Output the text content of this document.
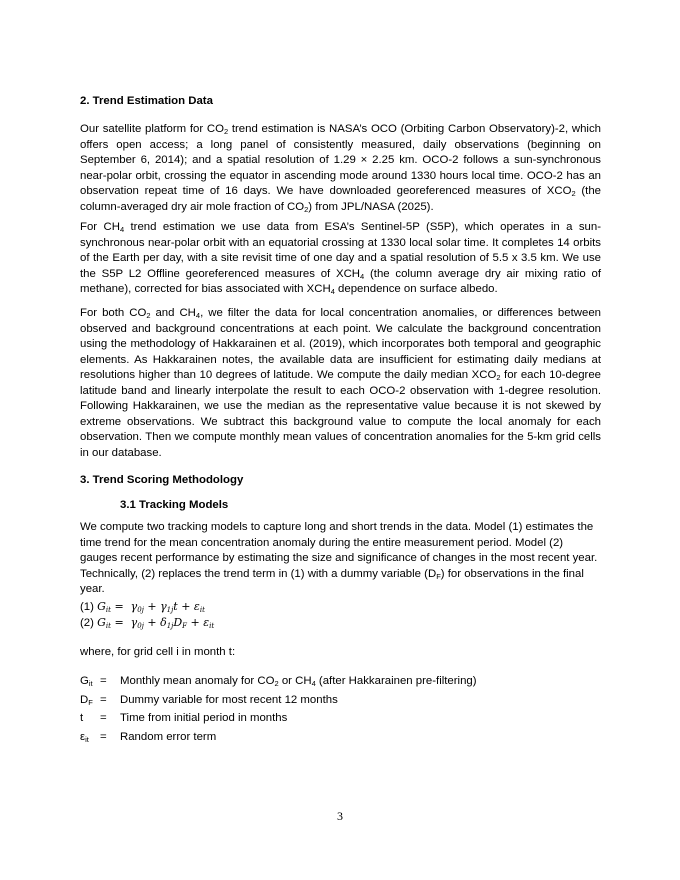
2. Trend Estimation Data

Our satellite platform for $CO_2$ trend estimation is NASA’s OCO (Orbiting Carbon Observatory)-2, which offers open access; a long panel of consistently measured, daily observations (beginning on September 6, 2014); and a spatial resolution of 1.29 × 2.25 km. OCO-2 follows a sun-synchronous near-polar orbit, crossing the equator in ascending mode around 1330 hours local time. OCO-2 has an observation repeat time of 16 days. We have downloaded georeferenced measures of $XCO_2$ (the column-averaged dry air mole fraction of $CO_2$) from JPL/NASA (2025).

For $CH_4$ trend estimation we use data from ESA’s Sentinel-5P (S5P), which operates in a sun-synchronous near-polar orbit with an equatorial crossing at 1330 local solar time. It completes 14 orbits of the Earth per day, with a site revisit time of one day and a spatial resolution of 5.5 x 3.5 km. We use the S5P L2 Offline georeferenced measures of $XCH_4$ (the column average dry air mixing ratio of methane), corrected for bias associated with $XCH_4$ dependence on surface albedo.

For both $CO_2$ and $CH_4$, we filter the data for local concentration anomalies, or differences between observed and background concentrations at each point. We calculate the background concentration using the methodology of Hakkarainen et al. (2019), which incorporates both temporal and geographic elements. As Hakkarainen notes, the available data are insufficient for estimating daily medians at resolutions higher than 10 degrees of latitude. We compute the daily median $XCO_2$ for each 10-degree latitude band and linearly interpolate the result to each OCO-2 observation with 1-degree resolution. Following Hakkarainen, we use the median as the representative value because it is not skewed by extreme observations. We subtract this background value to compute the local anomaly for each observation. Then we compute monthly mean values of concentration anomalies for the 5-km grid cells in our database.

3. Trend Scoring Methodology
3.1 Tracking Models

We compute two tracking models to capture long and short trends in the data. Model (1) estimates the time trend for the mean concentration anomaly during the entire measurement period. Model (2) gauges recent performance by estimating the size and significance of changes in the most recent year. Technically, (2) replaces the trend term in (1) with a dummy variable $(D_F)$ for observations in the final year.

(1) $G_{it} = \gamma_{0j} + \gamma_{1j}t + \varepsilon_{it}$
(2) $G_{it} = \gamma_{0j} + \delta_{1j}D_F + \varepsilon_{it}$

where, for grid cell i in month t:

$G_{it}$ =	Monthly mean anomaly for $CO_2$ or $CH_4$ (after Hakkarainen pre-filtering)
$D_F$ =	Dummy variable for most recent 12 months
t	=	Time from initial period in months
$\varepsilon_{it}$ =	Random error term
3
